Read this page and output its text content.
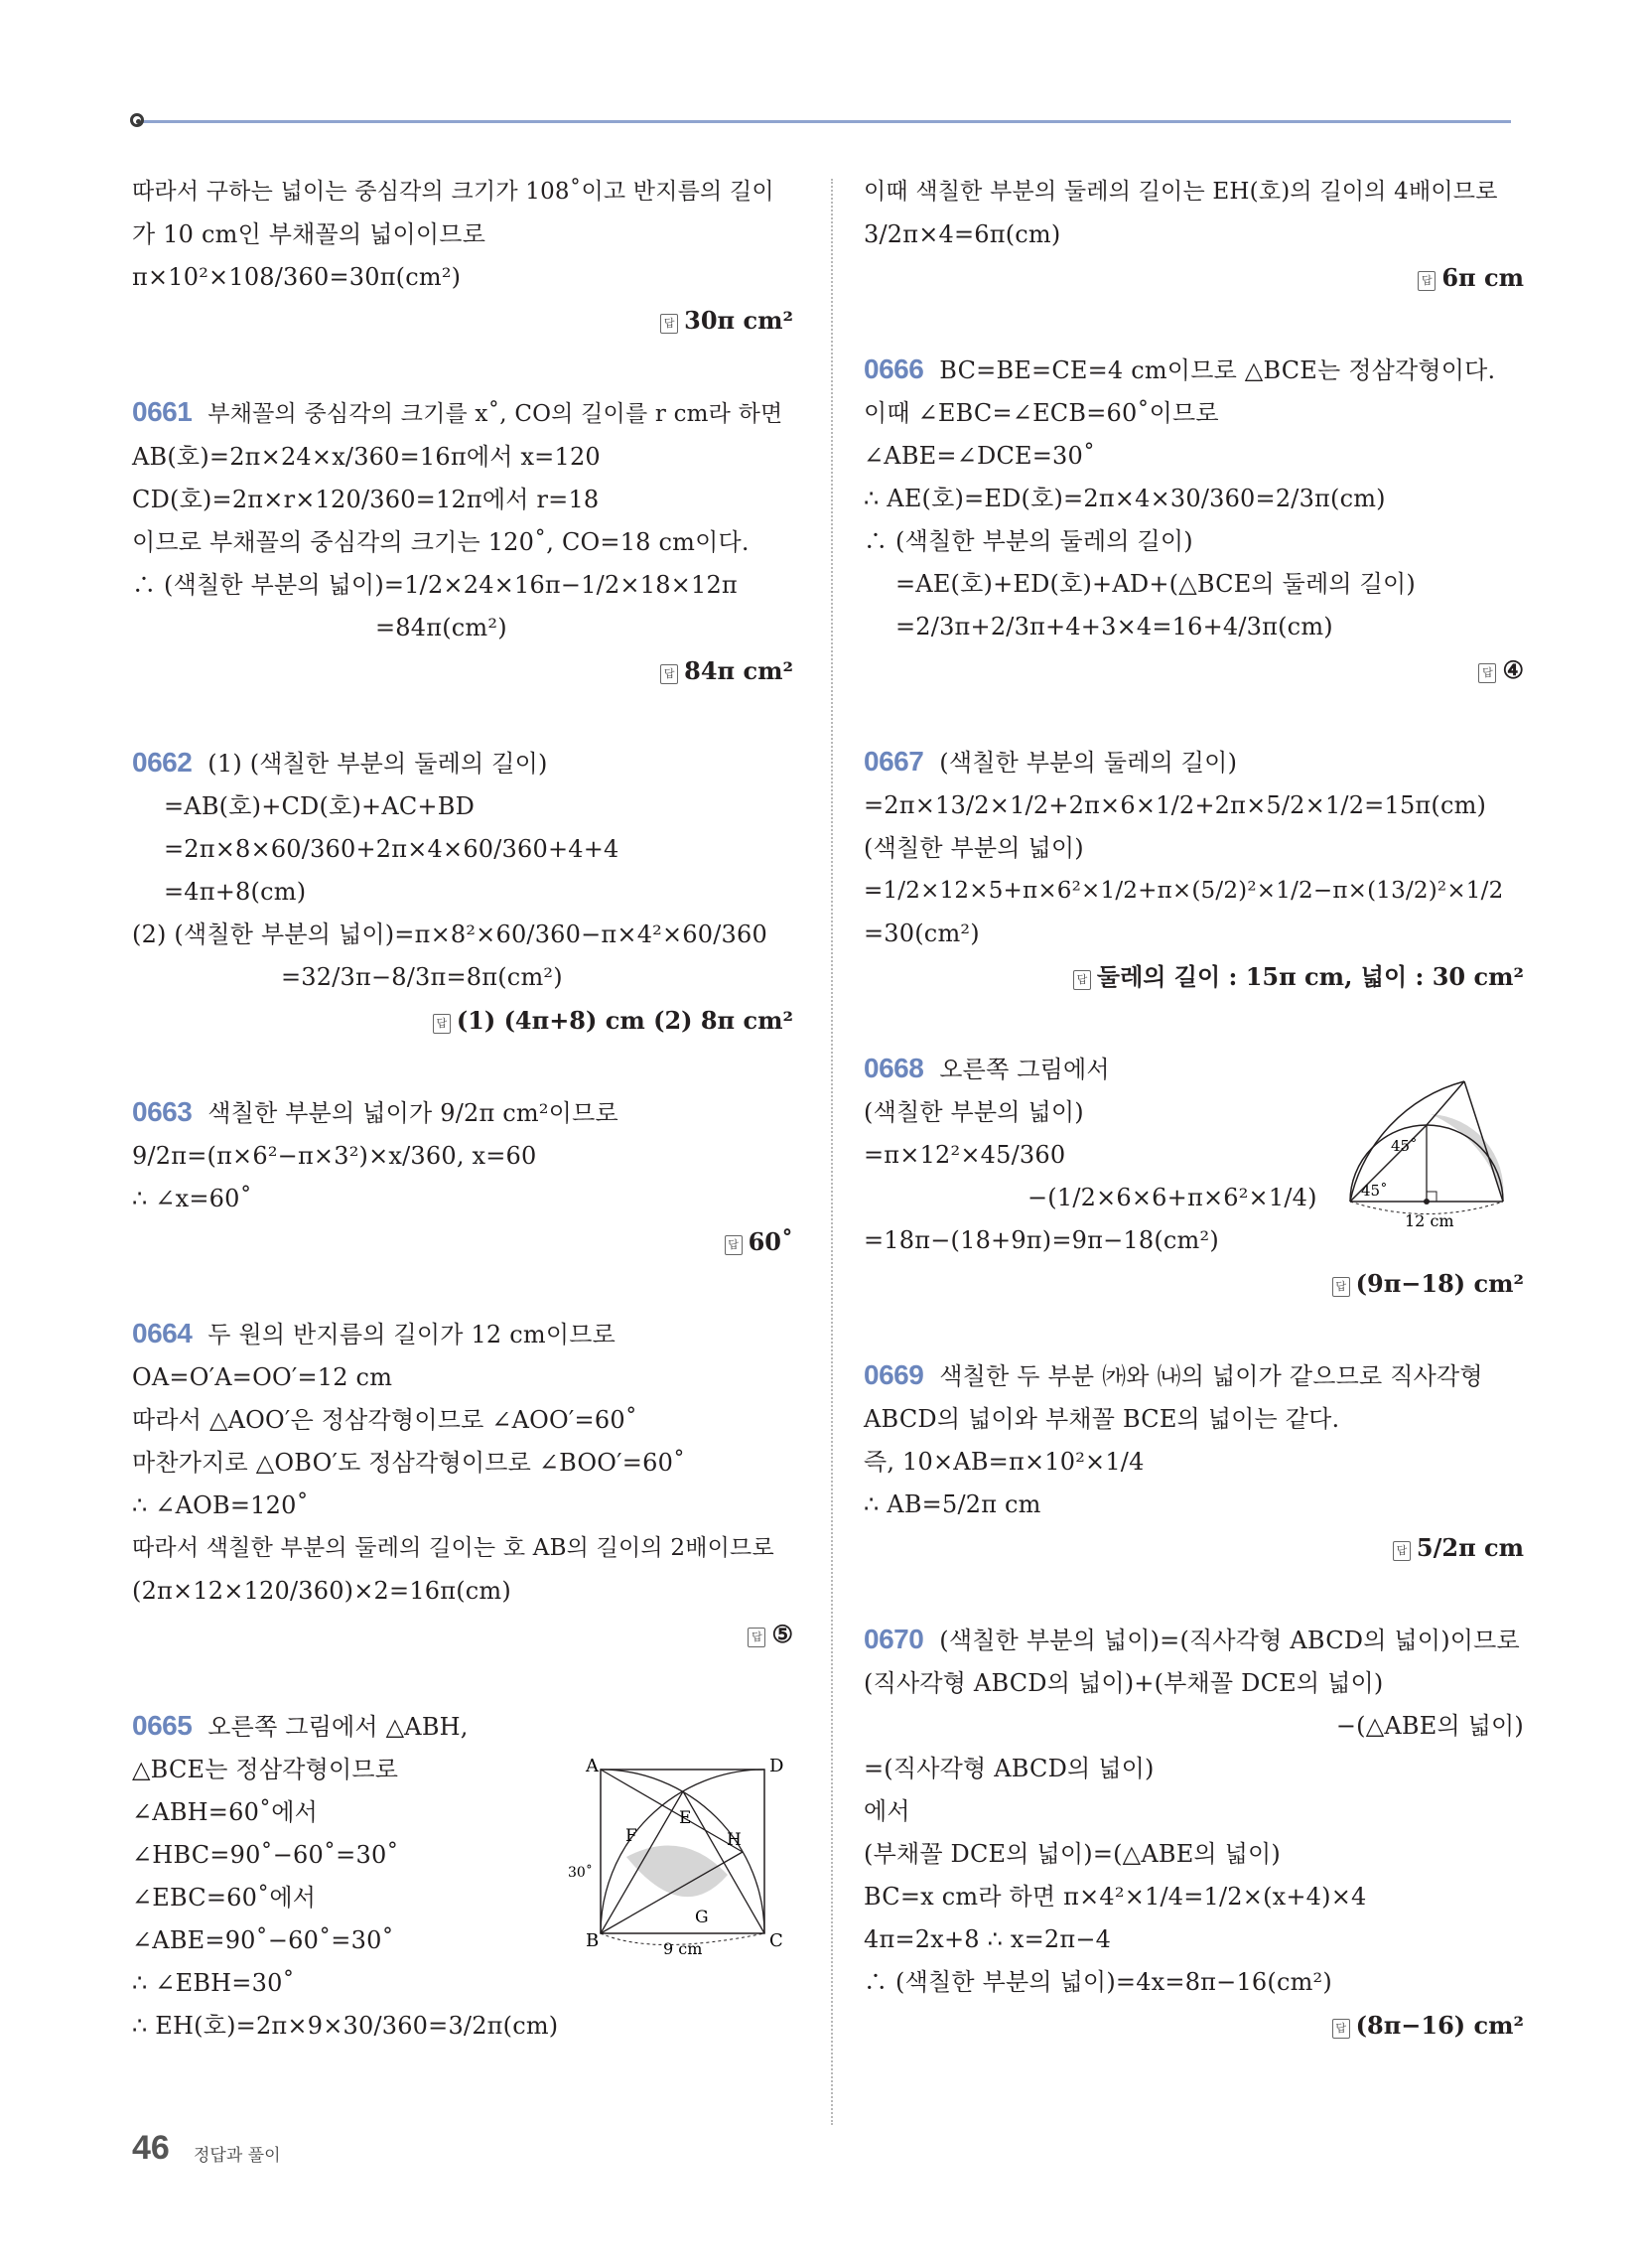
따라서 구하는 넓이는 중심각의 크기가 108˚이고 반지름의 길이
가 10 cm인 부채꼴의 넓이이므로
π×10²×108/360=30π(cm²)
답 30π cm²
0661 부채꼴의 중심각의 크기를 x˚, CO의 길이를 r cm라 하면
AB(호)=2π×24×x/360=16π에서 x=120
CD(호)=2π×r×120/360=12π에서 r=18
이므로 부채꼴의 중심각의 크기는 120˚, CO=18 cm이다.
∴ (색칠한 부분의 넓이)=1/2×24×16π−1/2×18×12π
=84π(cm²)
답 84π cm²
0662 (1) (색칠한 부분의 둘레의 길이)
=AB(호)+CD(호)+AC+BD
=2π×8×60/360+2π×4×60/360+4+4
=4π+8(cm)
(2) (색칠한 부분의 넓이)=π×8²×60/360−π×4²×60/360
=32/3π−8/3π=8π(cm²)
답 (1) (4π+8) cm (2) 8π cm²
0663 색칠한 부분의 넓이가 9/2π cm²이므로
9/2π=(π×6²−π×3²)×x/360, x=60
∴ ∠x=60˚
답 60˚
0664 두 원의 반지름의 길이가 12 cm이므로
OA=O′A=OO′=12 cm
따라서 △AOO′은 정삼각형이므로 ∠AOO′=60˚
마찬가지로 △OBO′도 정삼각형이므로 ∠BOO′=60˚
∴ ∠AOB=120˚
따라서 색칠한 부분의 둘레의 길이는 호 AB의 길이의 2배이므로
(2π×12×120/360)×2=16π(cm)
답 ⑤
0665 오른쪽 그림에서 △ABH,
△BCE는 정삼각형이므로
∠ABH=60˚에서
∠HBC=90˚−60˚=30˚
∠EBC=60˚에서
∠ABE=90˚−60˚=30˚
∴ ∠EBH=30˚
∴ EH(호)=2π×9×30/360=3/2π(cm)
이때 색칠한 부분의 둘레의 길이는 EH(호)의 길이의 4배이므로
3/2π×4=6π(cm)
답 6π cm
0666 BC=BE=CE=4 cm이므로 △BCE는 정삼각형이다.
이때 ∠EBC=∠ECB=60˚이므로
∠ABE=∠DCE=30˚
∴ AE(호)=ED(호)=2π×4×30/360=2/3π(cm)
∴ (색칠한 부분의 둘레의 길이)
=AE(호)+ED(호)+AD+(△BCE의 둘레의 길이)
=2/3π+2/3π+4+3×4=16+4/3π(cm)
답 ④
0667 (색칠한 부분의 둘레의 길이)
=2π×13/2×1/2+2π×6×1/2+2π×5/2×1/2=15π(cm)
(색칠한 부분의 넓이)
=1/2×12×5+π×6²×1/2+π×(5/2)²×1/2−π×(13/2)²×1/2
=30(cm²)
답 둘레의 길이 : 15π cm, 넓이 : 30 cm²
0668 오른쪽 그림에서
(색칠한 부분의 넓이)
=π×12²×45/360
−(1/2×6×6+π×6²×1/4)
=18π−(18+9π)=9π−18(cm²)
답 (9π−18) cm²
0669 색칠한 두 부분 ㈎와 ㈏의 넓이가 같으므로 직사각형
ABCD의 넓이와 부채꼴 BCE의 넓이는 같다.
즉, 10×AB=π×10²×1/4
∴ AB=5/2π cm
답 5/2π cm
0670 (색칠한 부분의 넓이)=(직사각형 ABCD의 넓이)이므로
(직사각형 ABCD의 넓이)+(부채꼴 DCE의 넓이)
−(△ABE의 넓이)
=(직사각형 ABCD의 넓이)
에서
(부채꼴 DCE의 넓이)=(△ABE의 넓이)
BC=x cm라 하면 π×4²×1/4=1/2×(x+4)×4
4π=2x+8 ∴ x=2π−4
∴ (색칠한 부분의 넓이)=4x=8π−16(cm²)
답 (8π−16) cm²
A	D
B	C
E
F	H
G
30˚
9 cm
45˚
45˚
12 cm
46 정답과 풀이
